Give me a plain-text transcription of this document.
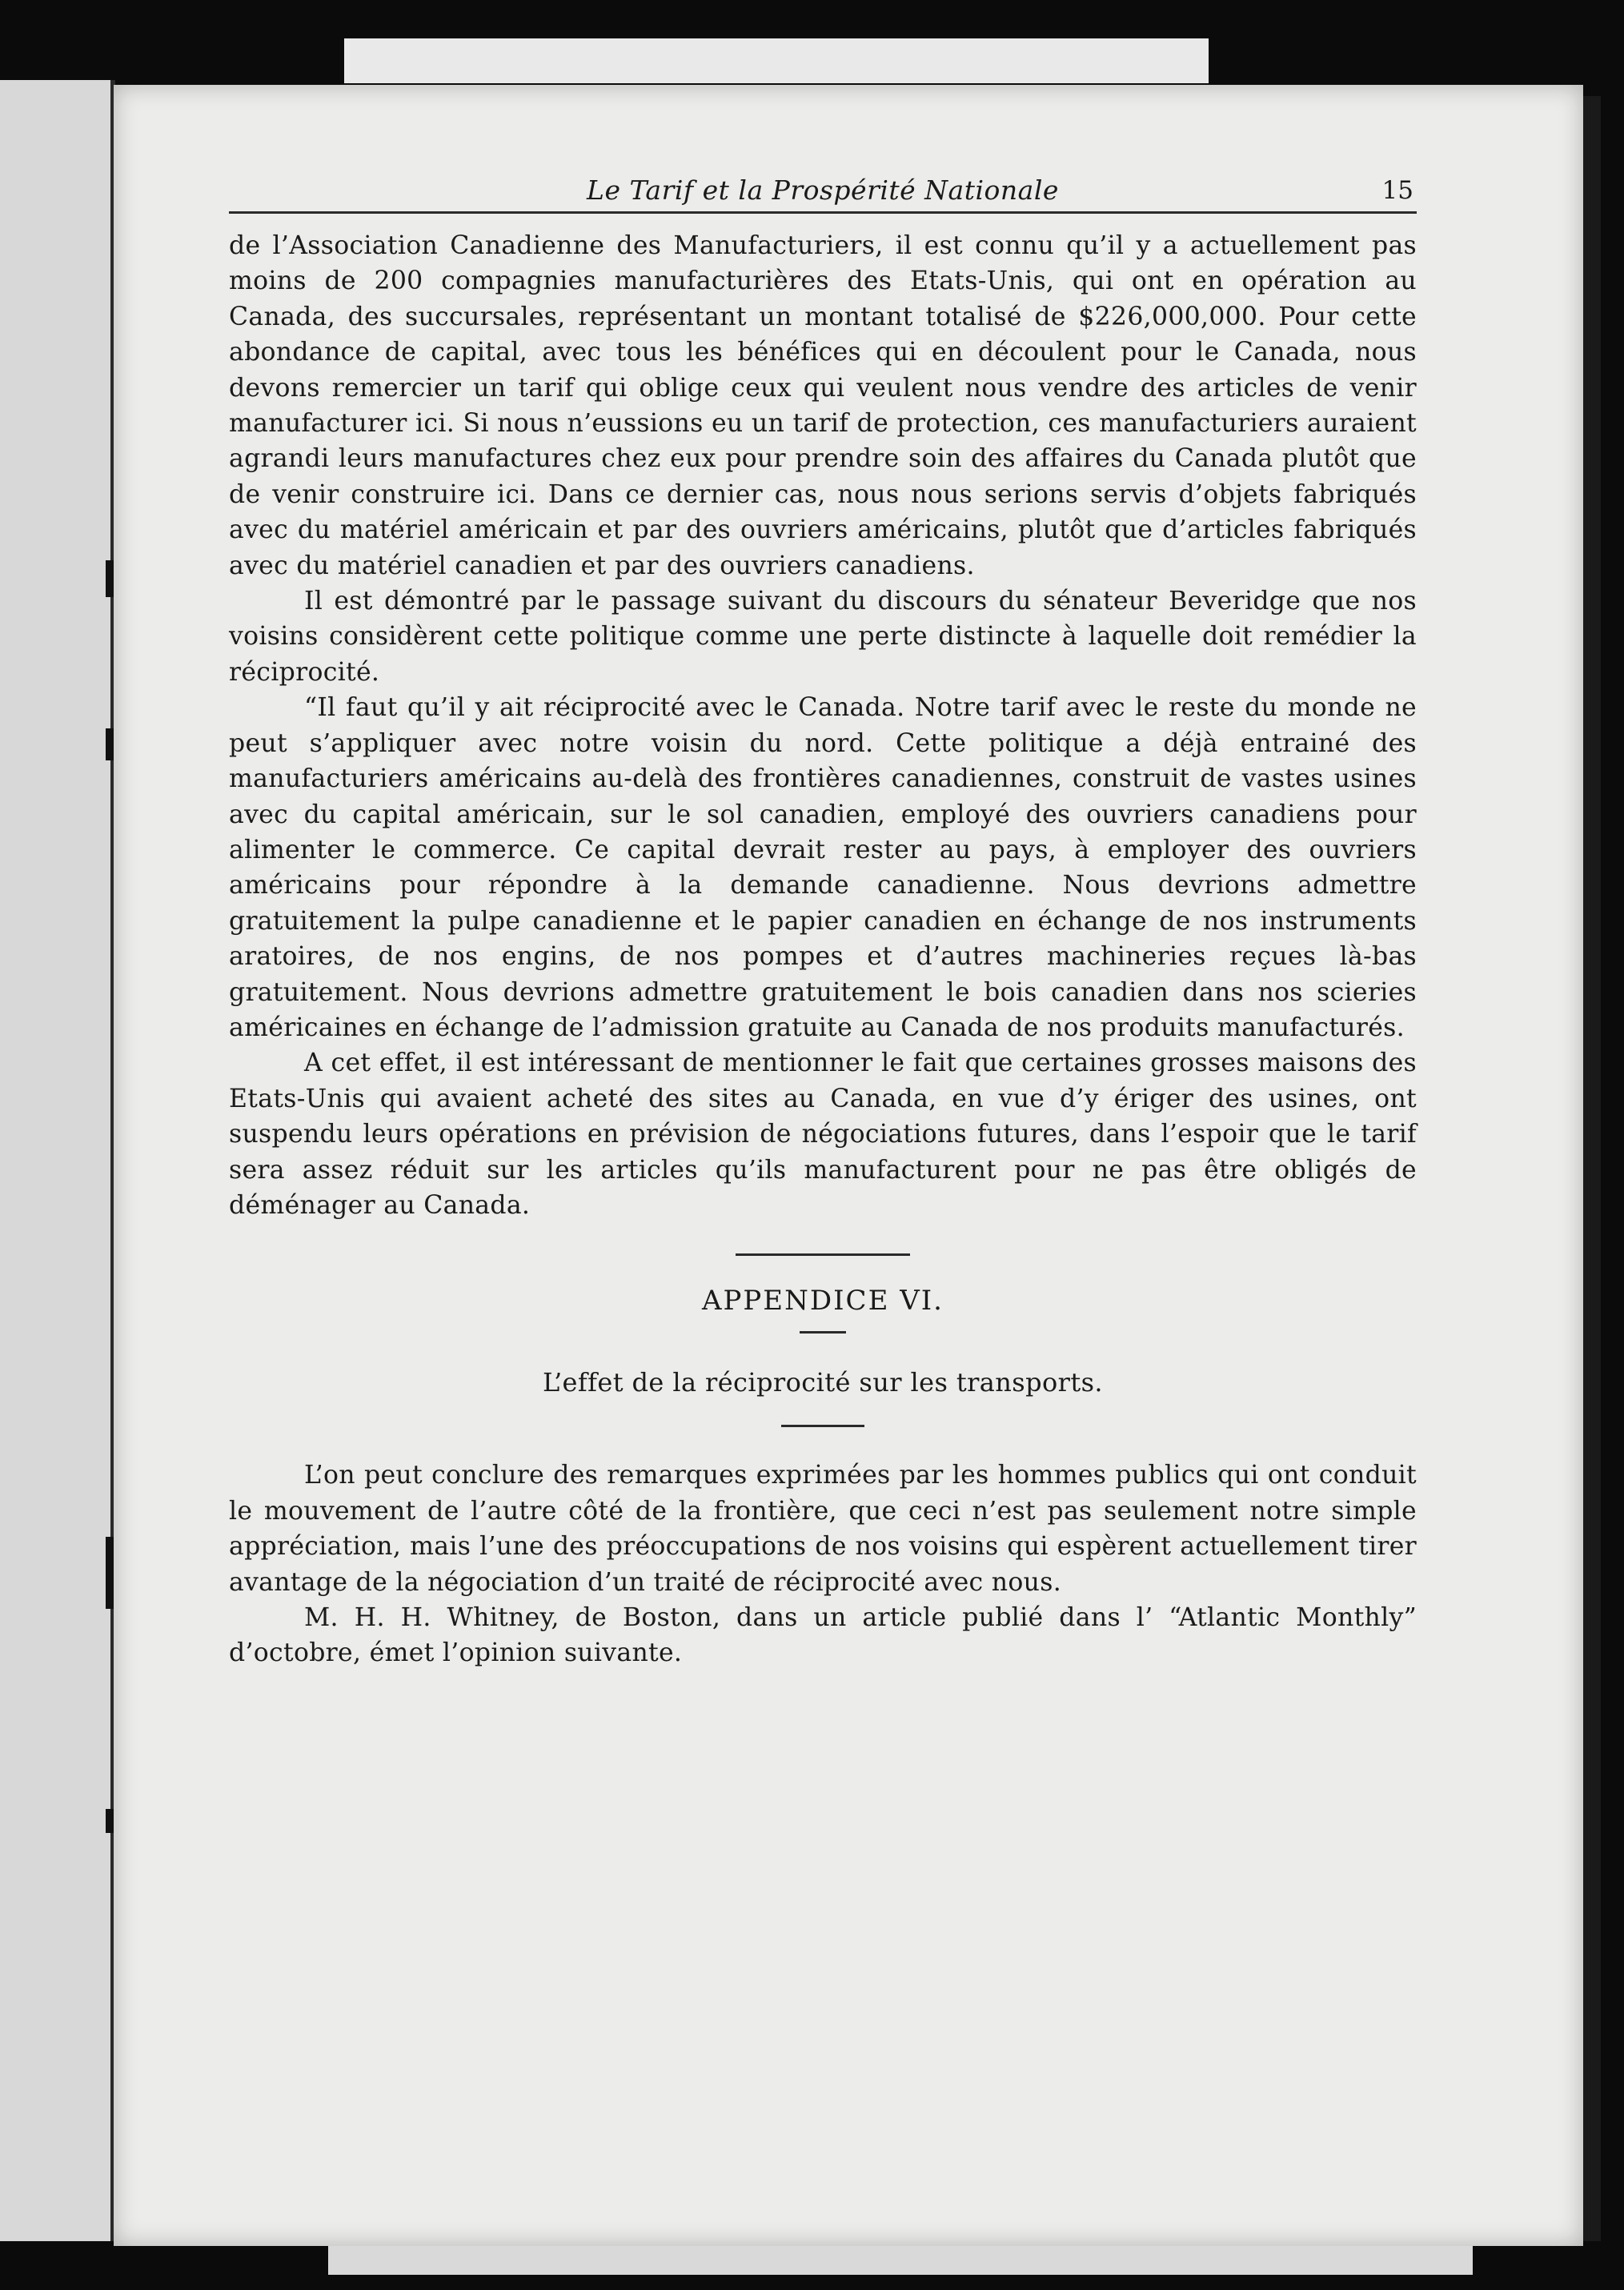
Le Tarif et la Prospérité Nationale	15

de l’Association Canadienne des Manufacturiers, il est connu qu’il y a actuellement pas moins de 200 compagnies manufacturières des Etats-Unis, qui ont en opération au Canada, des succursales, représentant un montant totalisé de $226,000,000. Pour cette abondance de capital, avec tous les bénéfices qui en découlent pour le Canada, nous devons remercier un tarif qui oblige ceux qui veulent nous vendre des articles de venir manufacturer ici. Si nous n’eussions eu un tarif de protection, ces manufacturiers auraient agrandi leurs manufactures chez eux pour prendre soin des affaires du Canada plutôt que de venir construire ici. Dans ce dernier cas, nous nous serions servis d’objets fabriqués avec du matériel américain et par des ouvriers américains, plutôt que d’articles fabriqués avec du matériel canadien et par des ouvriers canadiens.

Il est démontré par le passage suivant du discours du sénateur Beveridge que nos voisins considèrent cette politique comme une perte distincte à laquelle doit remédier la réciprocité.

“Il faut qu’il y ait réciprocité avec le Canada. Notre tarif avec le reste du monde ne peut s’appliquer avec notre voisin du nord. Cette politique a déjà entrainé des manufacturiers américains au-delà des frontières canadiennes, construit de vastes usines avec du capital américain, sur le sol canadien, employé des ouvriers canadiens pour alimenter le commerce. Ce capital devrait rester au pays, à employer des ouvriers américains pour répondre à la demande canadienne. Nous devrions admettre gratuitement la pulpe canadienne et le papier canadien en échange de nos instruments aratoires, de nos engins, de nos pompes et d’autres machineries reçues là-bas gratuitement. Nous devrions admettre gratuitement le bois canadien dans nos scieries américaines en échange de l’admission gratuite au Canada de nos produits manufacturés.

A cet effet, il est intéressant de mentionner le fait que certaines grosses maisons des Etats-Unis qui avaient acheté des sites au Canada, en vue d’y ériger des usines, ont suspendu leurs opérations en prévision de négociations futures, dans l’espoir que le tarif sera assez réduit sur les articles qu’ils manufacturent pour ne pas être obligés de déménager au Canada.

APPENDICE VI.
L’effet de la réciprocité sur les transports.

L’on peut conclure des remarques exprimées par les hommes publics qui ont conduit le mouvement de l’autre côté de la frontière, que ceci n’est pas seulement notre simple appréciation, mais l’une des préoccupations de nos voisins qui espèrent actuellement tirer avantage de la négociation d’un traité de réciprocité avec nous.

M. H. H. Whitney, de Boston, dans un article publié dans l’ “Atlantic Monthly” d’octobre, émet l’opinion suivante.
